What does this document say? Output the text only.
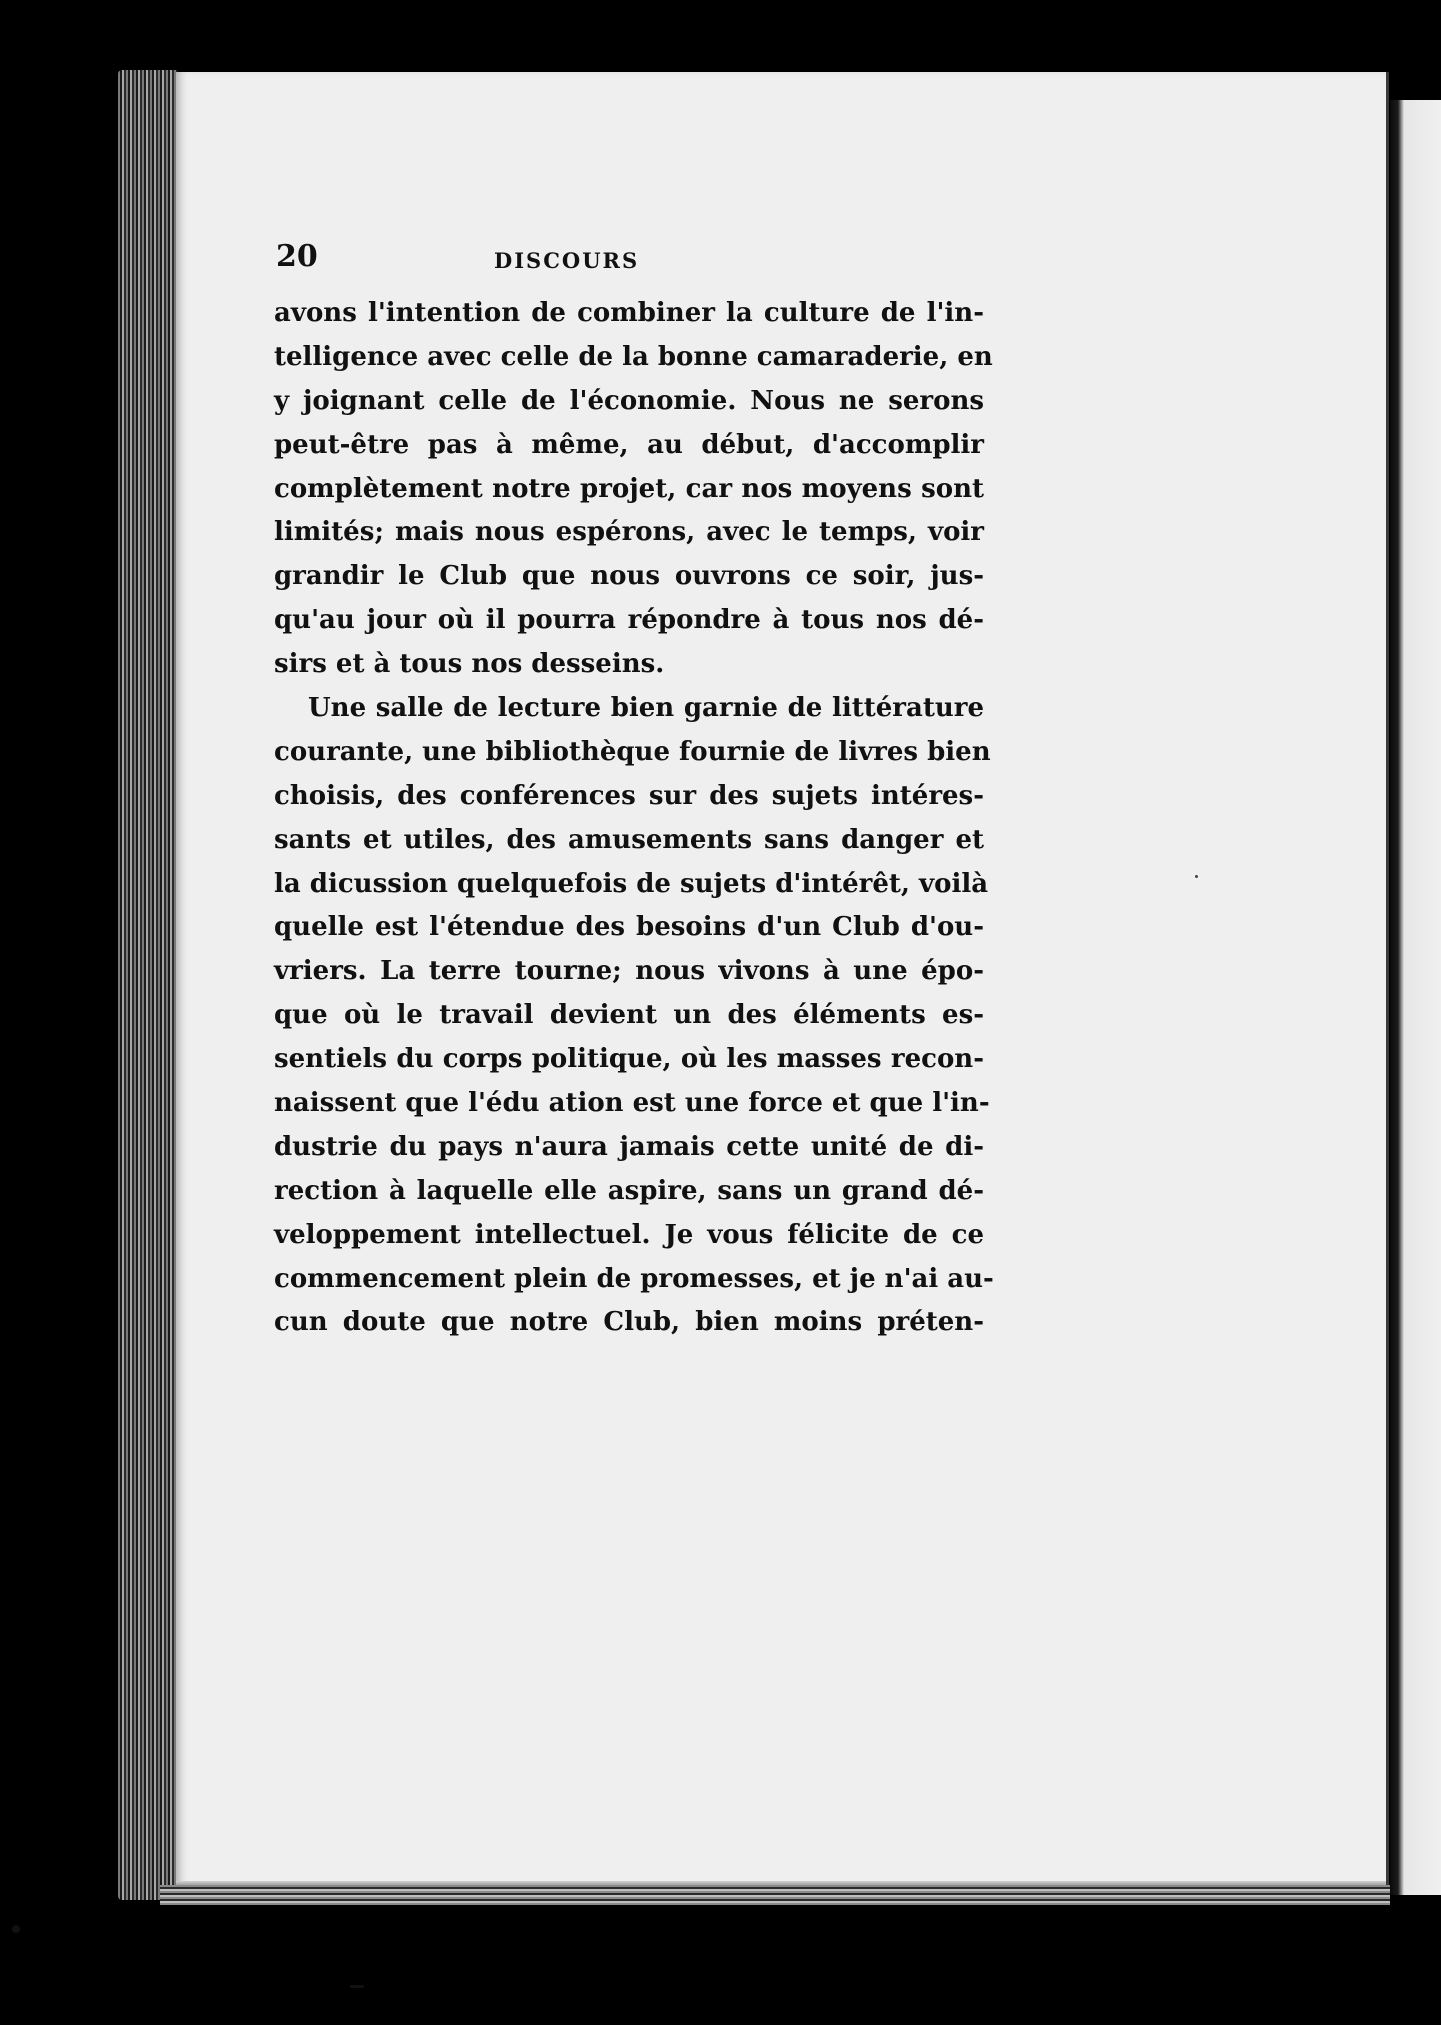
20	DISCOURS
avons l'intention de combiner la culture de l'in-
telligence avec celle de la bonne camaraderie, en
y joignant celle de l'économie. Nous ne serons
peut-être pas à même, au début, d'accomplir
complètement notre projet, car nos moyens sont
limités; mais nous espérons, avec le temps, voir
grandir le Club que nous ouvrons ce soir, jus-
qu'au jour où il pourra répondre à tous nos dé-
sirs et à tous nos desseins.
Une salle de lecture bien garnie de littérature
courante, une bibliothèque fournie de livres bien
choisis, des conférences sur des sujets intéres-
sants et utiles, des amusements sans danger et
la dicussion quelquefois de sujets d'intérêt, voilà
quelle est l'étendue des besoins d'un Club d'ou-
vriers. La terre tourne; nous vivons à une épo-
que où le travail devient un des éléments es-
sentiels du corps politique, où les masses recon-
naissent que l'édu ation est une force et que l'in-
dustrie du pays n'aura jamais cette unité de di-
rection à laquelle elle aspire, sans un grand dé-
veloppement intellectuel. Je vous félicite de ce
commencement plein de promesses, et je n'ai au-
cun doute que notre Club, bien moins préten-
